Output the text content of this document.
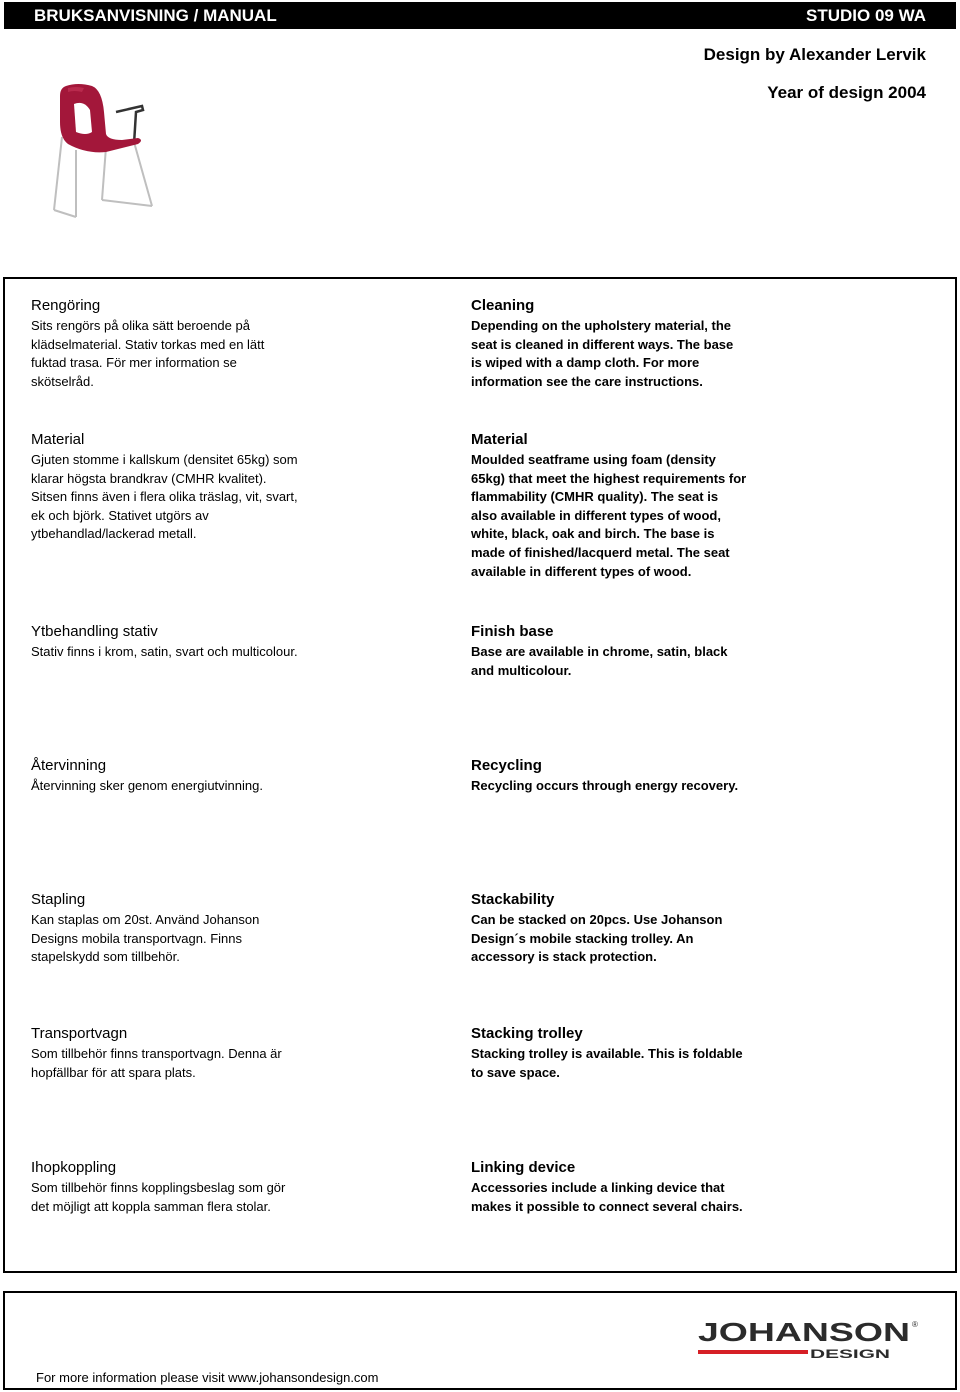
BRUKSANVISNING / MANUAL	STUDIO 09 WA
Design by Alexander Lervik
Year of design 2004
Rengöring
Sits rengörs på olika sätt beroende på
klädselmaterial. Stativ torkas med en lätt
fuktad trasa. För mer information se
skötselråd.
Cleaning
Depending on the upholstery material, the
seat is cleaned in different ways. The base
is wiped with a damp cloth. For more
information see the care instructions.
Material
Gjuten stomme i kallskum (densitet 65kg) som
klarar högsta brandkrav (CMHR kvalitet).
Sitsen finns även i flera olika träslag, vit, svart,
ek och björk. Stativet utgörs av
ytbehandlad/lackerad metall.
Material
Moulded seatframe using foam (density
65kg) that meet the highest requirements for
flammability (CMHR quality). The seat is
also available in different types of wood,
white, black, oak and birch. The base is
made of finished/lacquerd metal. The seat
available in different types of wood.
Ytbehandling stativ
Stativ finns i krom, satin, svart och multicolour.
Finish base
Base are available in chrome, satin, black
and multicolour.
Återvinning
Återvinning sker genom energiutvinning.
Recycling
Recycling occurs through energy recovery.
Stapling
Kan staplas om 20st. Använd Johanson
Designs mobila transportvagn. Finns
stapelskydd som tillbehör.
Stackability
Can be stacked on 20pcs. Use Johanson
Design´s mobile stacking trolley. An
accessory is stack protection.
Transportvagn
Som tillbehör finns transportvagn. Denna är
hopfällbar för att spara plats.
Stacking trolley
Stacking trolley is available. This is foldable
to save space.
Ihopkoppling
Som tillbehör finns kopplingsbeslag som gör
det möjligt att koppla samman flera stolar.
Linking device
Accessories include a linking device that
makes it possible to connect several chairs.
For more information please visit www.johansondesign.com
JOHANSON ®
DESIGN
